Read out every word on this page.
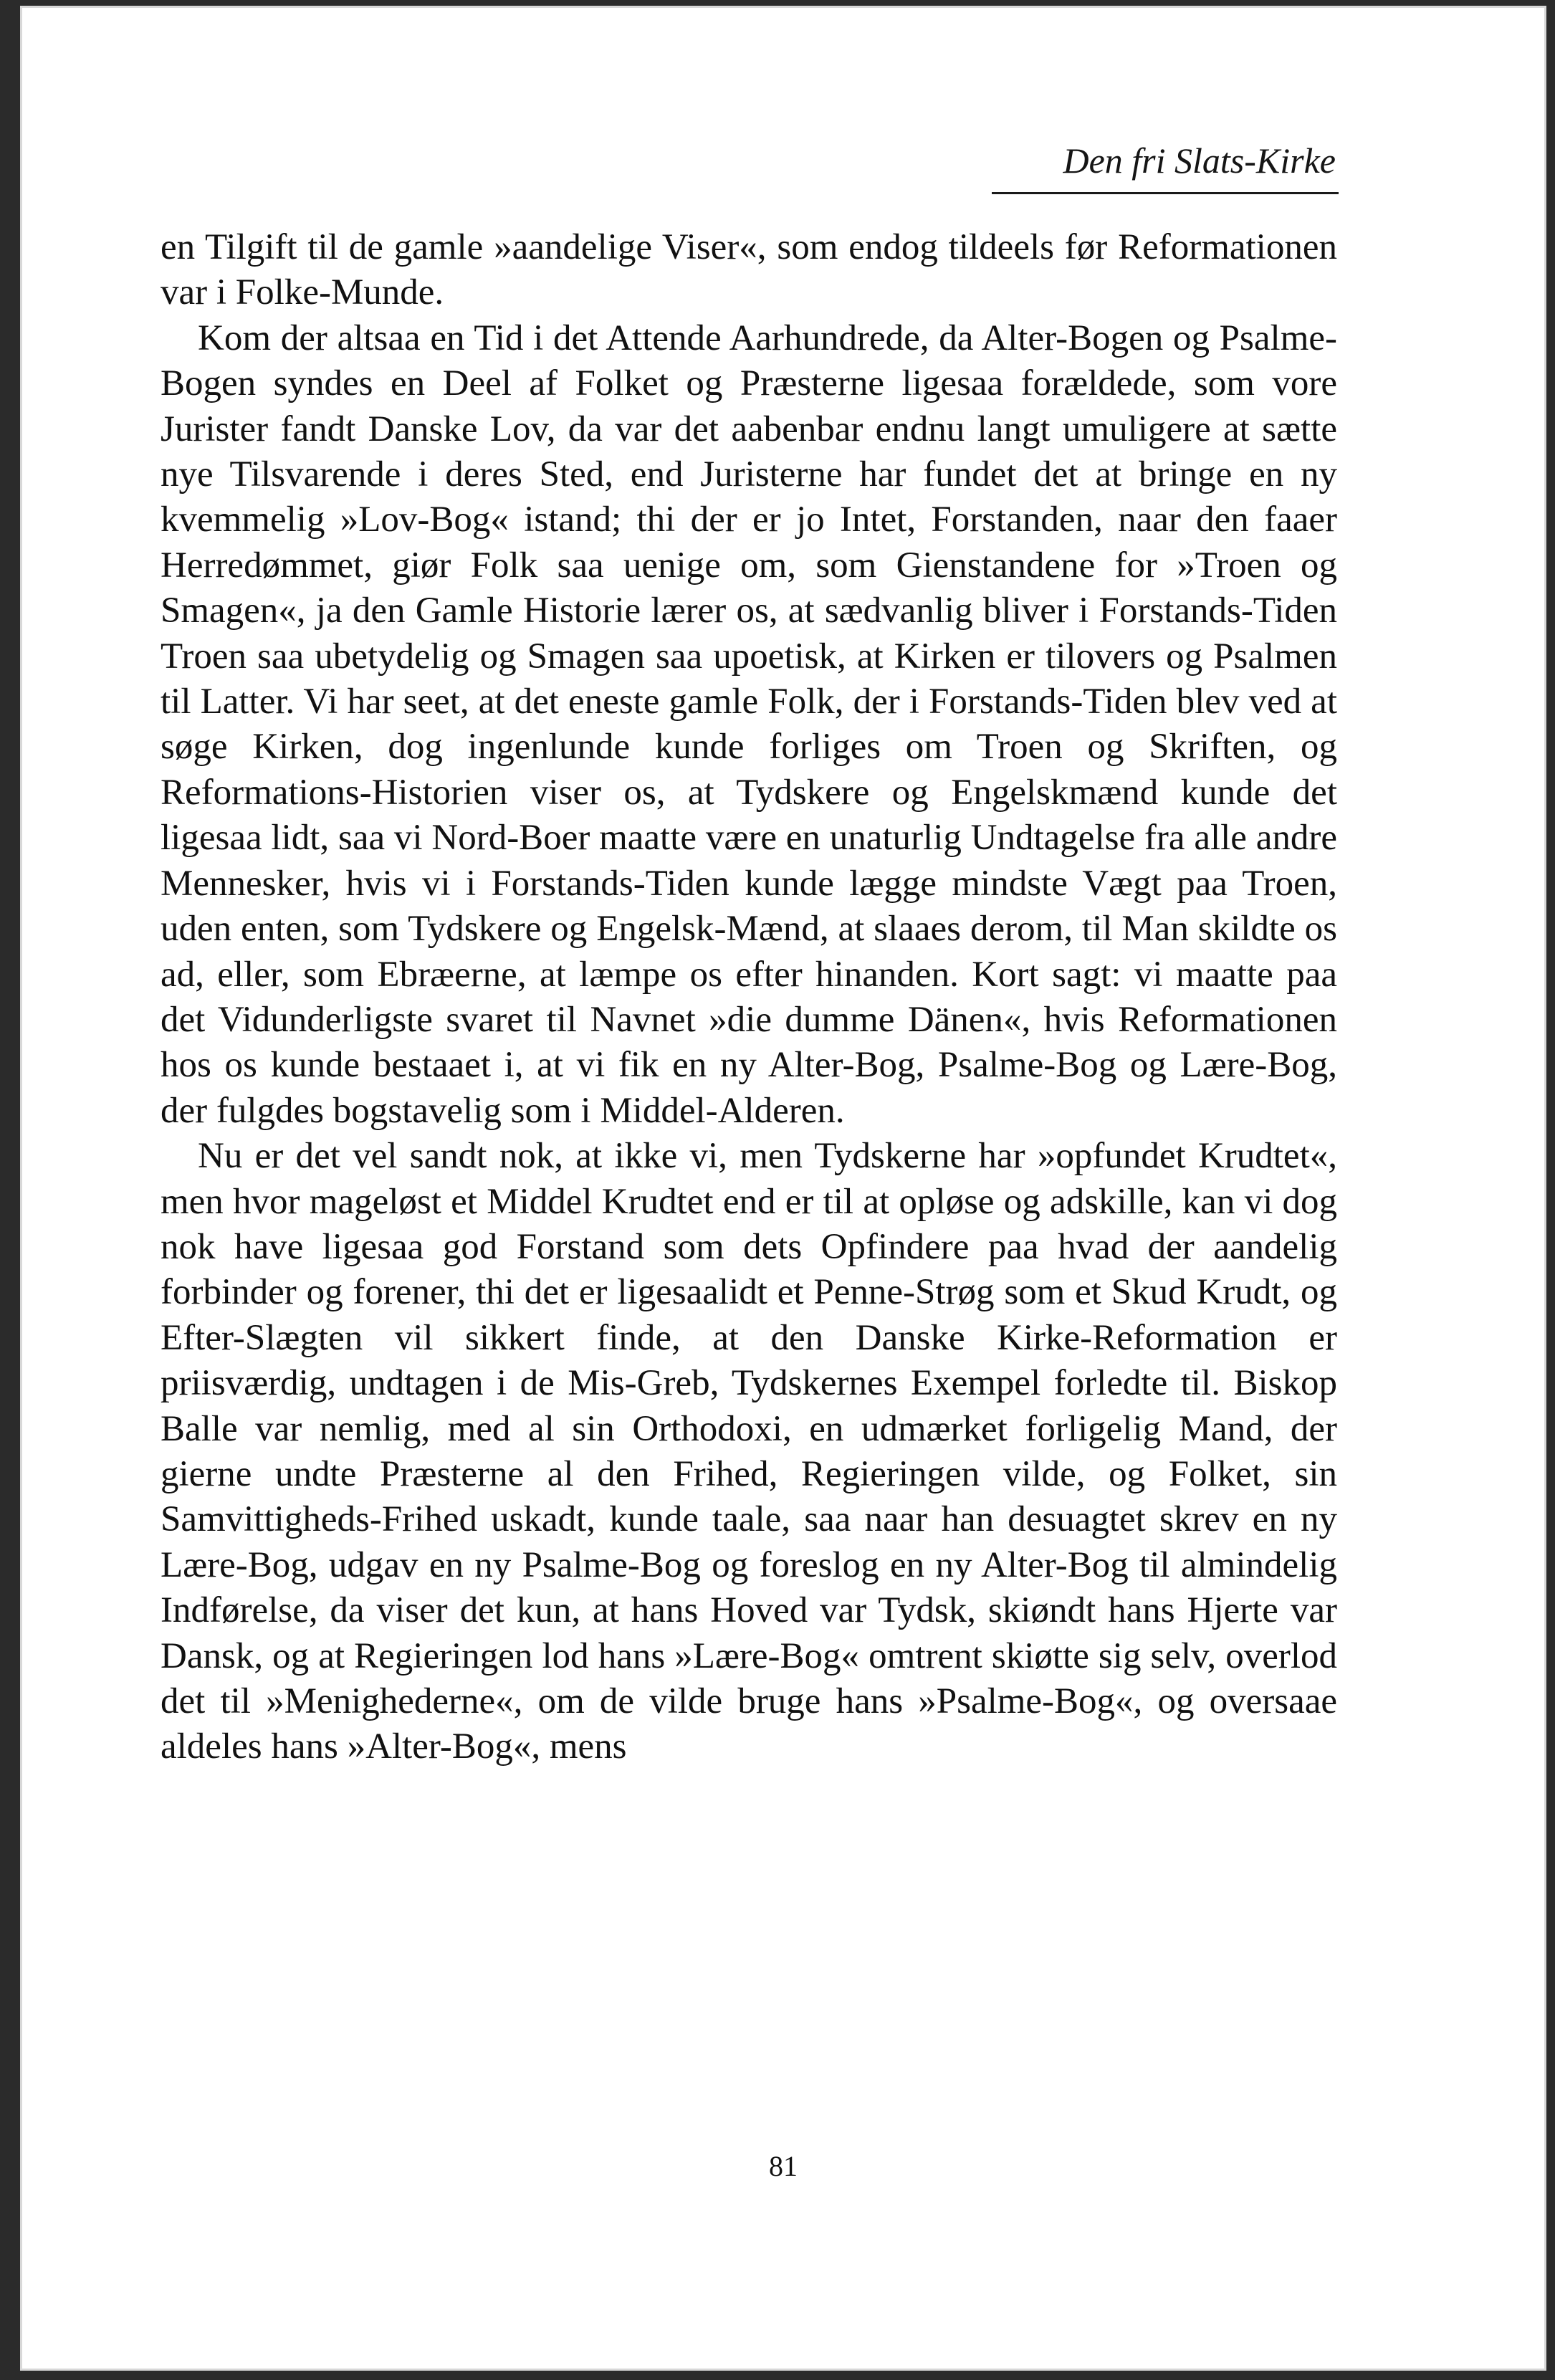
Den fri Slats-Kirke

en Tilgift til de gamle »aandelige Viser«, som endog tildeels før Reformationen var i Folke-Munde.

Kom der altsaa en Tid i det Attende Aarhundrede, da Alter-Bogen og Psalme-Bogen syndes en Deel af Folket og Præsterne ligesaa forældede, som vore Jurister fandt Danske Lov, da var det aabenbar endnu langt umuligere at sætte nye Tilsvarende i deres Sted, end Juristerne har fundet det at bringe en ny kvemmelig »Lov-Bog« istand; thi der er jo Intet, Forstanden, naar den faaer Herredømmet, giør Folk saa uenige om, som Gienstandene for »Troen og Smagen«, ja den Gamle Historie lærer os, at sædvanlig bliver i Forstands-Tiden Troen saa ubetydelig og Smagen saa upoetisk, at Kirken er tilovers og Psalmen til Latter. Vi har seet, at det eneste gamle Folk, der i Forstands-Tiden blev ved at søge Kirken, dog ingenlunde kunde forliges om Troen og Skriften, og Reformations-Historien viser os, at Tydskere og Engelskmænd kunde det ligesaa lidt, saa vi Nord-Boer maatte være en unaturlig Undtagelse fra alle andre Mennesker, hvis vi i Forstands-Tiden kunde lægge mindste Vægt paa Troen, uden enten, som Tydskere og Engelsk-Mænd, at slaaes derom, til Man skildte os ad, eller, som Ebræerne, at læmpe os efter hinanden. Kort sagt: vi maatte paa det Vidunderligste svaret til Navnet »die dumme Dänen«, hvis Reformationen hos os kunde bestaaet i, at vi fik en ny Alter-Bog, Psalme-Bog og Lære-Bog, der fulgdes bogstavelig som i Middel-Alderen.

Nu er det vel sandt nok, at ikke vi, men Tydskerne har »opfundet Krudtet«, men hvor mageløst et Middel Krudtet end er til at opløse og adskille, kan vi dog nok have ligesaa god Forstand som dets Opfindere paa hvad der aandelig forbinder og forener, thi det er ligesaalidt et Penne-Strøg som et Skud Krudt, og Efter-Slægten vil sikkert finde, at den Danske Kirke-Reformation er priisværdig, undtagen i de Mis-Greb, Tydskernes Exempel forledte til. Biskop Balle var nemlig, med al sin Orthodoxi, en udmærket forligelig Mand, der gierne undte Præsterne al den Frihed, Regieringen vilde, og Folket, sin Samvittigheds-Frihed uskadt, kunde taale, saa naar han desuagtet skrev en ny Lære-Bog, udgav en ny Psalme-Bog og foreslog en ny Alter-Bog til almindelig Indførelse, da viser det kun, at hans Hoved var Tydsk, skiøndt hans Hjerte var Dansk, og at Regieringen lod hans »Lære-Bog« omtrent skiøtte sig selv, overlod det til »Menighederne«, om de vilde bruge hans »Psalme-Bog«, og oversaae aldeles hans »Alter-Bog«, mens

81
